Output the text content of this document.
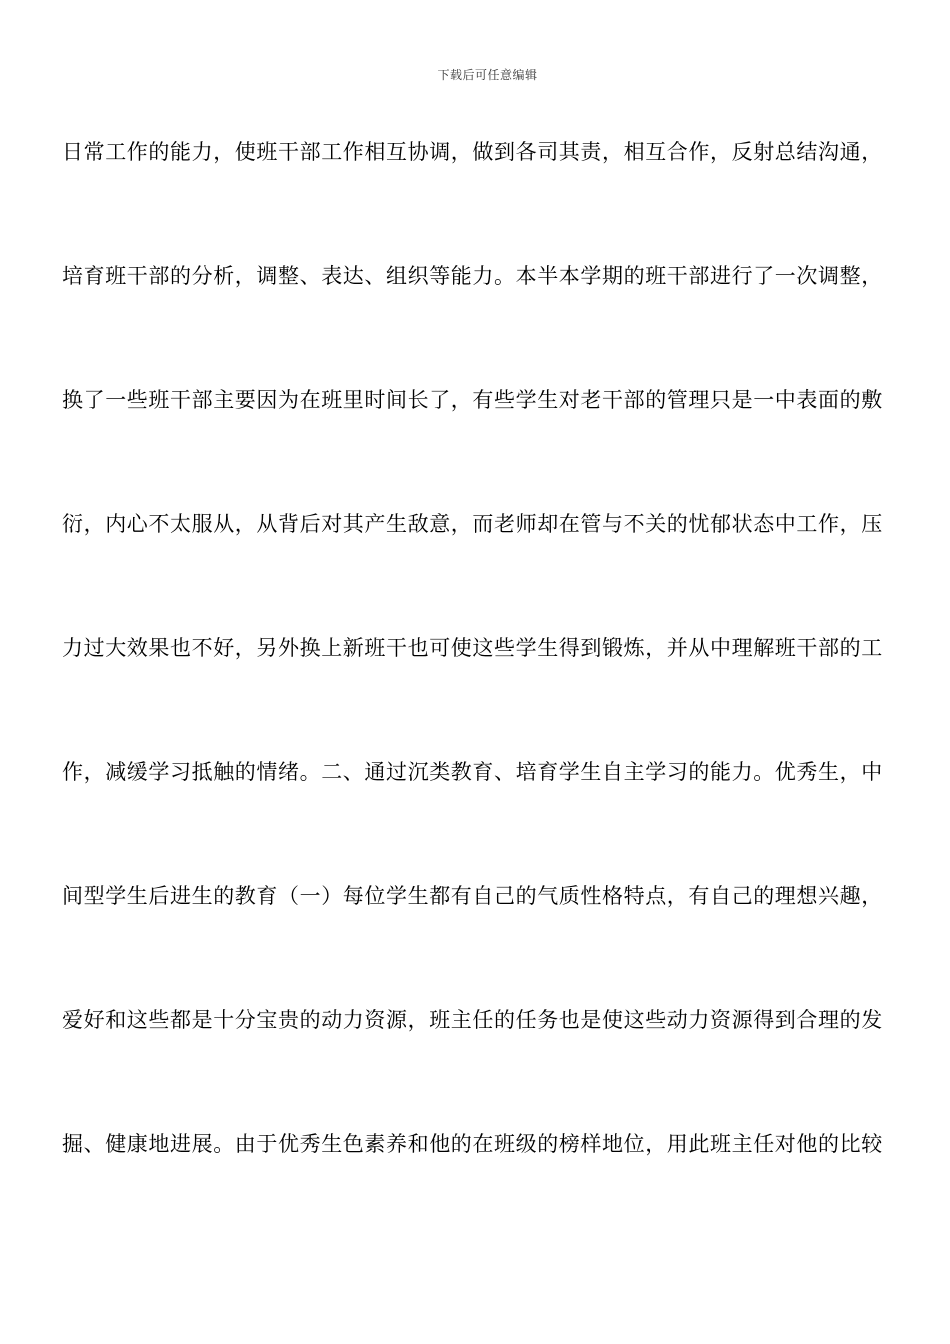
下载后可任意编辑
日常工作的能力，使班干部工作相互协调，做到各司其责，相互合作，反射总结沟通，
培育班干部的分析，调整、表达、组织等能力。本半本学期的班干部进行了一次调整，
换了一些班干部主要因为在班里时间长了，有些学生对老干部的管理只是一中表面的敷
衍，内心不太服从，从背后对其产生敌意，而老师却在管与不关的忧郁状态中工作，压
力过大效果也不好，另外换上新班干也可使这些学生得到锻炼，并从中理解班干部的工
作，减缓学习抵触的情绪。二、通过沉类教育、培育学生自主学习的能力。优秀生，中
间型学生后进生的教育（一）每位学生都有自己的气质性格特点，有自己的理想兴趣，
爱好和这些都是十分宝贵的动力资源，班主任的任务也是使这些动力资源得到合理的发
掘、健康地进展。由于优秀生色素养和他的在班级的榜样地位，用此班主任对他的比较
